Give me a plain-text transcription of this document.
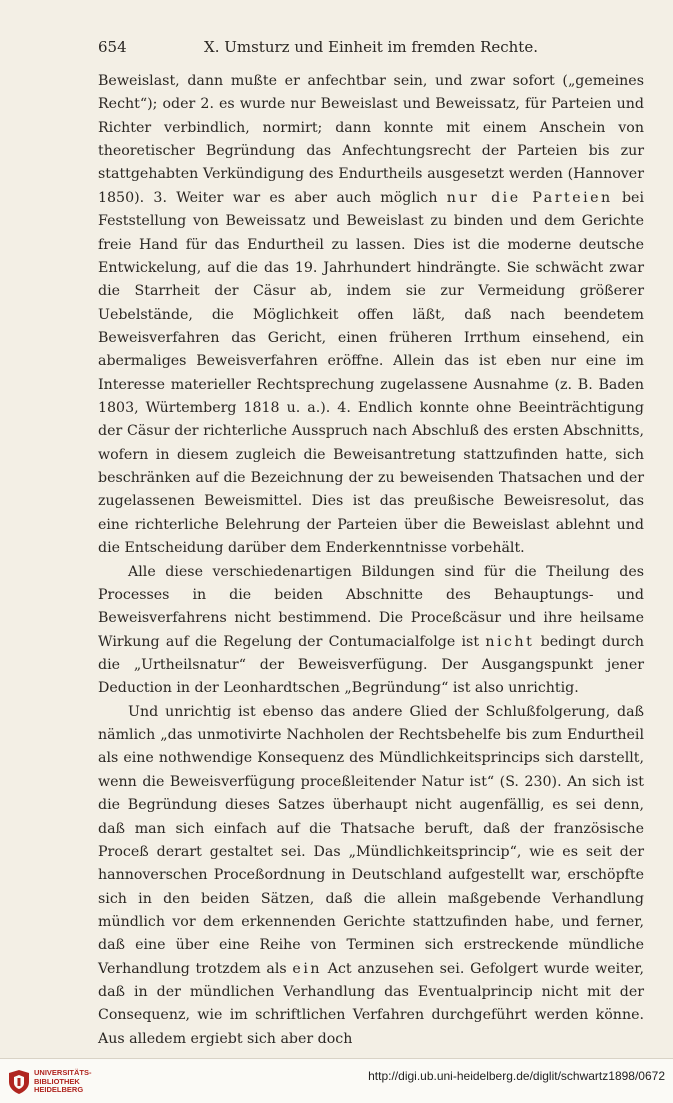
654	X. Umsturz und Einheit im fremden Rechte.

Beweislast, dann mußte er anfechtbar sein, und zwar sofort („gemeines Recht“); oder 2. es wurde nur Beweislast und Beweissatz, für Parteien und Richter verbindlich, normirt; dann konnte mit einem Anschein von theoretischer Begründung das Anfechtungsrecht der Parteien bis zur stattgehabten Verkündigung des Endurtheils ausgesetzt werden (Hannover 1850). 3. Weiter war es aber auch möglich nur die Parteien bei Feststellung von Beweissatz und Beweislast zu binden und dem Gerichte freie Hand für das Endurtheil zu lassen. Dies ist die moderne deutsche Entwickelung, auf die das 19. Jahrhundert hindrängte. Sie schwächt zwar die Starrheit der Cäsur ab, indem sie zur Vermeidung größerer Uebelstände, die Möglichkeit offen läßt, daß nach beendetem Beweisverfahren das Gericht, einen früheren Irrthum einsehend, ein abermaliges Beweisverfahren eröffne. Allein das ist eben nur eine im Interesse materieller Rechtsprechung zugelassene Ausnahme (z. B. Baden 1803, Würtemberg 1818 u. a.). 4. Endlich konnte ohne Beeinträchtigung der Cäsur der richterliche Ausspruch nach Abschluß des ersten Abschnitts, wofern in diesem zugleich die Beweisantretung stattzufinden hatte, sich beschränken auf die Bezeichnung der zu beweisenden Thatsachen und der zugelassenen Beweismittel. Dies ist das preußische Beweisresolut, das eine richterliche Belehrung der Parteien über die Beweislast ablehnt und die Entscheidung darüber dem Enderkenntnisse vorbehält.

Alle diese verschiedenartigen Bildungen sind für die Theilung des Processes in die beiden Abschnitte des Behauptungs- und Beweisverfahrens nicht bestimmend. Die Proceßcäsur und ihre heilsame Wirkung auf die Regelung der Contumacialfolge ist nicht bedingt durch die „Urtheilsnatur“ der Beweisverfügung. Der Ausgangspunkt jener Deduction in der Leonhardtschen „Begründung“ ist also unrichtig.

Und unrichtig ist ebenso das andere Glied der Schlußfolgerung, daß nämlich „das unmotivirte Nachholen der Rechtsbehelfe bis zum Endurtheil als eine nothwendige Konsequenz des Mündlichkeitsprincips sich darstellt, wenn die Beweisverfügung proceßleitender Natur ist“ (S. 230). An sich ist die Begründung dieses Satzes überhaupt nicht augenfällig, es sei denn, daß man sich einfach auf die Thatsache beruft, daß der französische Proceß derart gestaltet sei. Das „Mündlichkeitsprincip“, wie es seit der hannoverschen Proceßordnung in Deutschland aufgestellt war, erschöpfte sich in den beiden Sätzen, daß die allein maßgebende Verhandlung mündlich vor dem erkennenden Gerichte stattzufinden habe, und ferner, daß eine über eine Reihe von Terminen sich erstreckende mündliche Verhandlung trotzdem als ein Act anzusehen sei. Gefolgert wurde weiter, daß in der mündlichen Verhandlung das Eventualprincip nicht mit der Consequenz, wie im schriftlichen Verfahren durchgeführt werden könne. Aus alledem ergiebt sich aber doch

UNIVERSITÄTS-
BIBLIOTHEK
HEIDELBERG
http://digi.ub.uni-heidelberg.de/diglit/schwartz1898/0672
